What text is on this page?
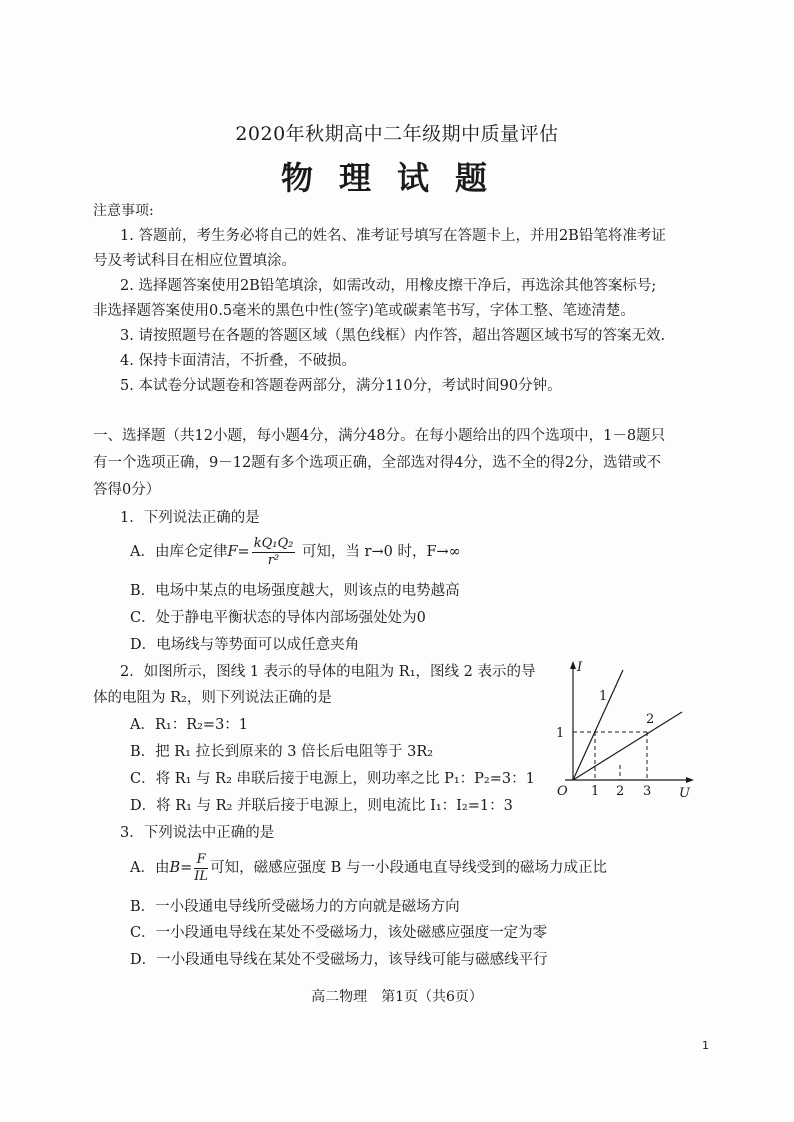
2020年秋期高中二年级期中质量评估
物理试题
注意事项:
1. 答题前，考生务必将自己的姓名、准考证号填写在答题卡上，并用2B铅笔将准考证
号及考试科目在相应位置填涂。
2. 选择题答案使用2B铅笔填涂，如需改动，用橡皮擦干净后，再选涂其他答案标号;
非选择题答案使用0.5毫米的黑色中性(签字)笔或碳素笔书写，字体工整、笔迹清楚。
3. 请按照题号在各题的答题区域（黑色线框）内作答，超出答题区域书写的答案无效.
4. 保持卡面清洁，不折叠，不破损。
5. 本试卷分试题卷和答题卷两部分，满分110分，考试时间90分钟。
一、选择题（共12小题，每小题4分，满分48分。在每小题给出的四个选项中，1－8题只
有一个选项正确，9－12题有多个选项正确，全部选对得4分，选不全的得2分，选错或不
答得0分）
1．下列说法正确的是
A．由库仑定律$F= \frac{\text{kQ₁Q₂}}{\text{r²}}$ 可知，当 r→0 时，F→∞
B．电场中某点的电场强度越大，则该点的电势越高
C．处于静电平衡状态的导体内部场强处处为0
D．电场线与等势面可以成任意夹角
2．如图所示，图线 1 表示的导体的电阻为 R₁，图线 2 表示的导
体的电阻为 R₂，则下列说法正确的是
A．R₁：R₂=3：1
B．把 R₁ 拉长到原来的 3 倍长后电阻等于 3R₂
C．将 R₁ 与 R₂ 串联后接于电源上，则功率之比 P₁：P₂=3：1
D．将 R₁ 与 R₂ 并联后接于电源上，则电流比 I₁：I₂=1：3
I
U
O
1
2
1
1 2 3
3．下列说法中正确的是
A．由$B= \frac{F}{IL}$ 可知，磁感应强度 B 与一小段通电直导线受到的磁场力成正比
B．一小段通电导线所受磁场力的方向就是磁场方向
C．一小段通电导线在某处不受磁场力，该处磁感应强度一定为零
D．一小段通电导线在某处不受磁场力，该导线可能与磁感线平行
高二物理　第1页（共6页）
1
